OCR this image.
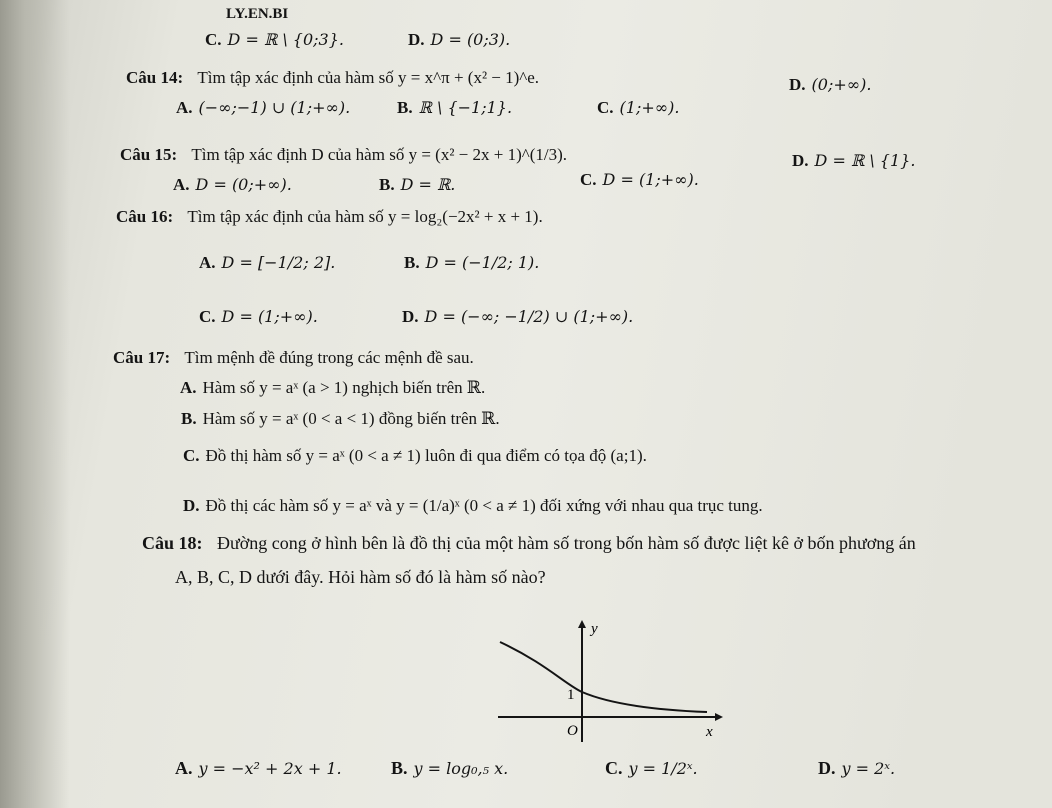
LY.EN.BI
C. D = ℝ \ {0;3}.	D. D = (0;3).
Câu 14: Tìm tập xác định của hàm số y = x^π + (x² − 1)^e.
A. (−∞;−1) ∪ (1;+∞).	B. ℝ \ {−1;1}.	C. (1;+∞).
D. (0;+∞).
Câu 15: Tìm tập xác định D của hàm số y = (x² − 2x + 1)^(1/3).
A. D = (0;+∞).	B. D = ℝ.	C. D = (1;+∞).
D. D = ℝ \ {1}.
Câu 16: Tìm tập xác định của hàm số y = log₂(−2x² + x + 1).
A. D = [−1/2; 2].	B. D = (−1/2; 1).
C. D = (1;+∞).	D. D = (−∞; −1/2) ∪ (1;+∞).
Câu 17: Tìm mệnh đề đúng trong các mệnh đề sau.
A. Hàm số y = aˣ (a > 1) nghịch biến trên ℝ.
B. Hàm số y = aˣ (0 < a < 1) đồng biến trên ℝ.
C. Đồ thị hàm số y = aˣ (0 < a ≠ 1) luôn đi qua điểm có tọa độ (a;1).
D. Đồ thị các hàm số y = aˣ và y = (1/a)ˣ (0 < a ≠ 1) đối xứng với nhau qua trục tung.
Câu 18: Đường cong ở hình bên là đồ thị của một hàm số trong bốn hàm số được liệt kê ở bốn phương án
A, B, C, D dưới đây. Hỏi hàm số đó là hàm số nào?
y
x
1
O
A. y = −x² + 2x + 1.	B. y = log₀,₅ x.	C. y = 1/2ˣ.	D. y = 2ˣ.
